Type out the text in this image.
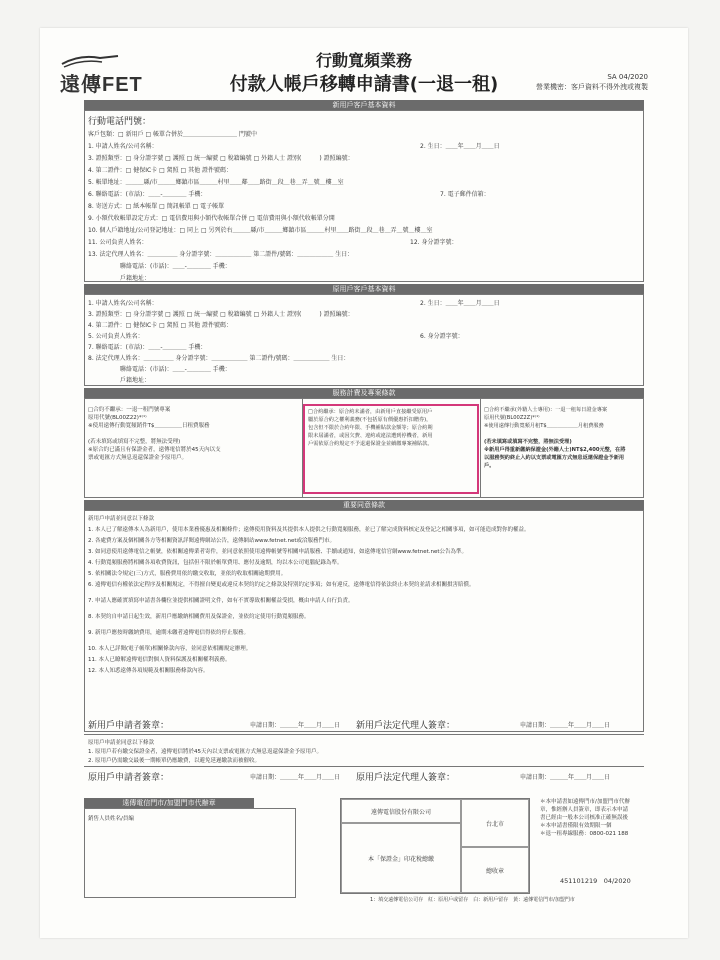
遠傳FET
行動寬頻業務
付款人帳戶移轉申請書(一退一租)	SA 04/2020
營業機密：客戶資料不得外洩或複製
新用戶客戶基本資料
行動電話門號：
客戶包類：□ 新用戶 □ 帳單合併於＿＿＿＿＿＿＿＿＿ 門號中
1. 申請人姓名/公司名稱：
3. 證照類型：□ 身分證字號 □ 護照 □ 統一編號 □ 稅籍編號 □ 外籍人士 證別(　　　) 證照編號：
4. 第二證件：□ 健保IC卡 □ 駕照 □ 其他 證件號碼：
5. 帳單地址：＿＿＿縣/市＿＿＿鄉鎮市區＿＿＿村里＿＿鄰＿＿路街＿段＿巷＿弄＿號＿樓＿室
6. 聯絡電話：(市話)：＿＿-＿＿＿＿ 手機：
8. 寄送方式：□ 紙本帳單 □ 簡訊帳單 □ 電子帳單
9. 小額代收帳單設定方式：□ 電信費用與小額代收帳單合併 □ 電信費用與小額代收帳單分開
10. 個人戶籍地址/公司登記地址：□ 同上 □ 另列於右＿＿＿縣/市＿＿＿鄉鎮市區＿＿＿村里＿＿路街＿段＿巷＿弄＿號＿樓＿室
11. 公司負責人姓名：
13. 法定代理人姓名：＿＿＿＿＿ 身分證字號：＿＿＿＿＿＿ 第二證件/號碼：＿＿＿＿＿＿ 生日：
聯絡電話：(市話)：＿＿-＿＿＿＿ 手機：
戶籍地址：
2. 生日：＿＿年＿＿月＿＿日
7. 電子郵件信箱：
12. 身分證字號：
原用戶客戶基本資料
1. 申請人姓名/公司名稱：
3. 證照類型：□ 身分證字號 □ 護照 □ 統一編號 □ 稅籍編號 □ 外籍人士 證別(　　　) 證照編號：
4. 第二證件：□ 健保IC卡 □ 駕照 □ 其他 證件號碼：
5. 公司負責人姓名：
7. 聯絡電話：(市話)：＿＿-＿＿＿＿ 手機：
8. 法定代理人姓名：＿＿＿＿＿ 身分證字號：＿＿＿＿＿＿ 第二證件/號碼：＿＿＿＿＿＿ 生日：
聯絡電話：(市話)：＿＿-＿＿＿＿ 手機：
戶籍地址：
2. 生日：＿＿年＿＿月＿＿日
6. 身分證字號：
服務計費及專案條款
□合約不繼承：一退一租門號專案
原用代號(BL00Z22)*⁽¹⁾
※使用遠傳行動寬頻銷件T$＿＿＿＿＿日租費服務

(若未填寫或填寫不完整，將無法受理)
※原合約已滿且有保證金者，遠傳電信將於45天內以支
票或電匯方式無息返還保證金予原用戶。
□合約繼承：原合約未滿者，由新用戶直接繼受原用戶
屬於原合約之權利義務(不包括原有價優惠折扣贈券)，
包含但不限於合約年限、手機補貼款金額等；原合約期
限未屆滿者，或因欠費、違約或違法遭到停機者，新用
戶需依原合約規定不予退還保證金並續繳專案補貼款。
□合約不繼承(外籍人士專用)：一退一租每日證金專案
原用代號(BL00Z2Z)*⁽¹⁾
※使用遠傳行動寬頻月租T$＿＿＿＿＿＿月租費服務

(若未填寫或填寫不完整，將無法受理)
※新用戶得重新繳納保證金(外籍人士)NT$2,400元整，在將
以服務契約終止入約以支票或電匯方式無息返還保證金予新用
戶。
重要同意條款
新用戶申請並同意以下條款
1. 本人已了解遠傳本人為新用戶，使用本業務優惠及相關條件；遠傳使用資料及其提供本人提供之行動寬頻服務，並已了解完成資料核定及登記之相關事項，如可能造成對你的權益。
2. 各處費方案及個相關各方等相關資訊詳閱遠傳網站公告，遠傳網站www.fetnet.net或洽服務門市。
3. 如同意使用遠傳電信之帳號，依相關遠傳業者寄件，並同意依照使用遠傳帳號等相關申請服務、手續或通知，如遠傳電信官網www.fetnet.net公告為準。
4. 行動寬頻服務將相關各項收費資訊，包括但不限於帳單費用、應付及逾期，均以本公司電腦紀錄為準。
5. 依相關法令規定(三)方式，服務費用依約繳交收取，並依約收取相關逾期費用。
6. 遠傳電信有權依法定程序及相關規定，不得擅自變更或違反本契約約定之條款及特別約定事項；如有違反，遠傳電信得依法終止本契約並請求相關損害賠償。
7. 申請人應確實填寫申請書各欄位並提供相關證明文件，如有不實導致相關權益受損，概由申請人自行負責。
8. 本契約自申請日起生效，新用戶應繳納相關費用及保證金，並依約定使用行動寬頻服務。
9. 新用戶應按時繳納費用，逾期未繳者遠傳電信得依約停止服務。
10. 本人已詳閱(電子帳單)相關條款內容，並同意依相關規定辦理。
11. 本人已瞭解遠傳電信對個人資料保護及相關權利義務。
12. 本人知悉遠傳各項規範及相關服務條款內容。
新用戶申請者簽章：	申請日期：＿＿＿年＿＿月＿＿日 新用戶法定代理人簽章：	申請日期：＿＿＿年＿＿月＿＿日
原用戶申請並同意以下條款
1. 原用戶若有繳交保證金者，遠傳電信將於45天內以支票或電匯方式無息返還保證金予原用戶。
2. 原用戶仍需繳交最後一期帳單仍應繳費，以避免延遲繳款而被催收。
原用戶申請者簽章：	申請日期：＿＿＿年＿＿月＿＿日 原用戶法定代理人簽章：	申請日期：＿＿＿年＿＿月＿＿日
遠傳電信門市/加盟門市代辦章
銷售人員姓名/員編
遠傳電信股份有限公司
台北市
本「保證金」印花稅總繳
總收章
＊本申請書如遠傳門市/加盟門市代辦
章，惟經辦人員簽章，即表示本申請
書已經由一般本公司核准正確無誤後
＊本申請書僅限有效期限一個
＊退一租專線服務：0800-021 188
451101219　04/2020
1：填交遠傳電信公司存　紅：原用戶或留存　白：新用戶留存　黃：遠傳電信門市/加盟門市
